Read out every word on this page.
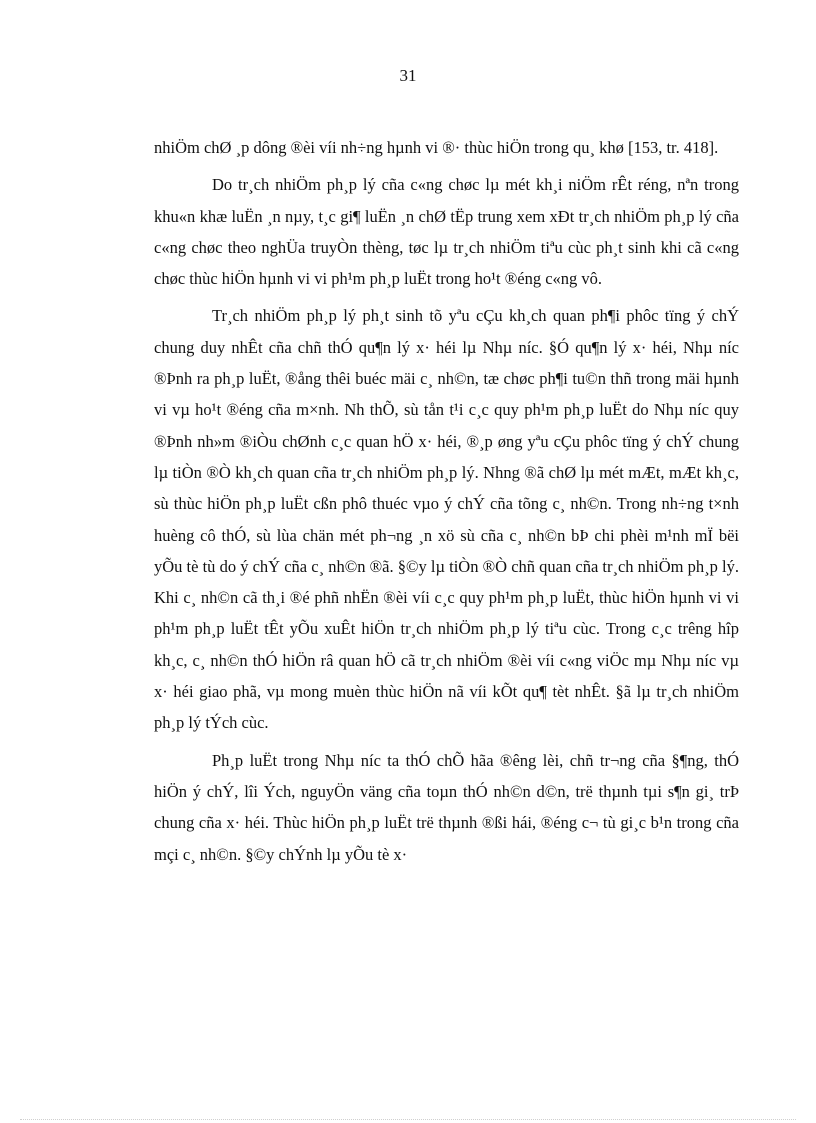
31

nhiÖm chØ ¸p dông ®èi víi nh÷ng hµnh vi ®· thùc hiÖn trong qu¸ khø [153, tr. 418].

Do tr¸ch nhiÖm ph¸p lý cña c«ng chøc lµ mét kh¸i niÖm rÊt réng, nªn trong khu«n khæ luËn ¸n nµy, t¸c gi¶ luËn ¸n chØ tËp trung xem xÐt tr¸ch nhiÖm ph¸p lý cña c«ng chøc theo nghÜa truyÒn thèng, tøc lµ tr¸ch nhiÖm tiªu cùc ph¸t sinh khi cã c«ng chøc thùc hiÖn hµnh vi vi ph¹m ph¸p luËt trong ho¹t ®éng c«ng vô.

Tr¸ch nhiÖm ph¸p lý ph¸t sinh tõ yªu cÇu kh¸ch quan ph¶i phôc tïng ý chÝ chung duy nhÊt cña chñ thÓ qu¶n lý x· héi lµ Nhµ níc. §Ó qu¶n lý x· héi, Nhµ níc ®Þnh ra ph¸p luËt, ®ång thêi buéc mäi c¸ nh©n, tæ chøc ph¶i tu©n thñ trong mäi hµnh vi vµ ho¹t ®éng cña m×nh. Nh thÕ, sù tån t¹i c¸c quy ph¹m ph¸p luËt do Nhµ níc quy ®Þnh nh»m ®iÒu chØnh c¸c quan hÖ x· héi, ®¸p øng yªu cÇu phôc tïng ý chÝ chung lµ tiÒn ®Ò kh¸ch quan cña tr¸ch nhiÖm ph¸p lý. Nhng ®ã chØ lµ mét mÆt, mÆt kh¸c, sù thùc hiÖn ph¸p luËt cßn phô thuéc vµo ý chÝ cña tõng c¸ nh©n. Trong nh÷ng t×nh huèng cô thÓ, sù lùa chän mét ph¬ng ¸n xö sù cña c¸ nh©n bÞ chi phèi m¹nh mÏ bëi yÕu tè tù do ý chÝ cña c¸ nh©n ®ã. §©y lµ tiÒn ®Ò chñ quan cña tr¸ch nhiÖm ph¸p lý. Khi c¸ nh©n cã th¸i ®é phñ nhËn ®èi víi c¸c quy ph¹m ph¸p luËt, thùc hiÖn hµnh vi vi ph¹m ph¸p luËt tÊt yÕu xuÊt hiÖn tr¸ch nhiÖm ph¸p lý tiªu cùc. Trong c¸c trêng hîp kh¸c, c¸ nh©n thÓ hiÖn râ quan hÖ cã tr¸ch nhiÖm ®èi víi c«ng viÖc mµ Nhµ níc vµ x· héi giao phã, vµ mong muèn thùc hiÖn nã víi kÕt qu¶ tèt nhÊt. §ã lµ tr¸ch nhiÖm ph¸p lý tÝch cùc.

Ph¸p luËt trong Nhµ níc ta thÓ chÕ hãa ®êng lèi, chñ tr¬ng cña §¶ng, thÓ hiÖn ý chÝ, lîi Ých, nguyÖn väng cña toµn thÓ nh©n d©n, trë thµnh tµi s¶n gi¸ trÞ chung cña x· héi. Thùc hiÖn ph¸p luËt trë thµnh ®ßi hái, ®éng c¬ tù gi¸c b¹n trong cña mçi c¸ nh©n. §©y chÝnh lµ yÕu tè x·
